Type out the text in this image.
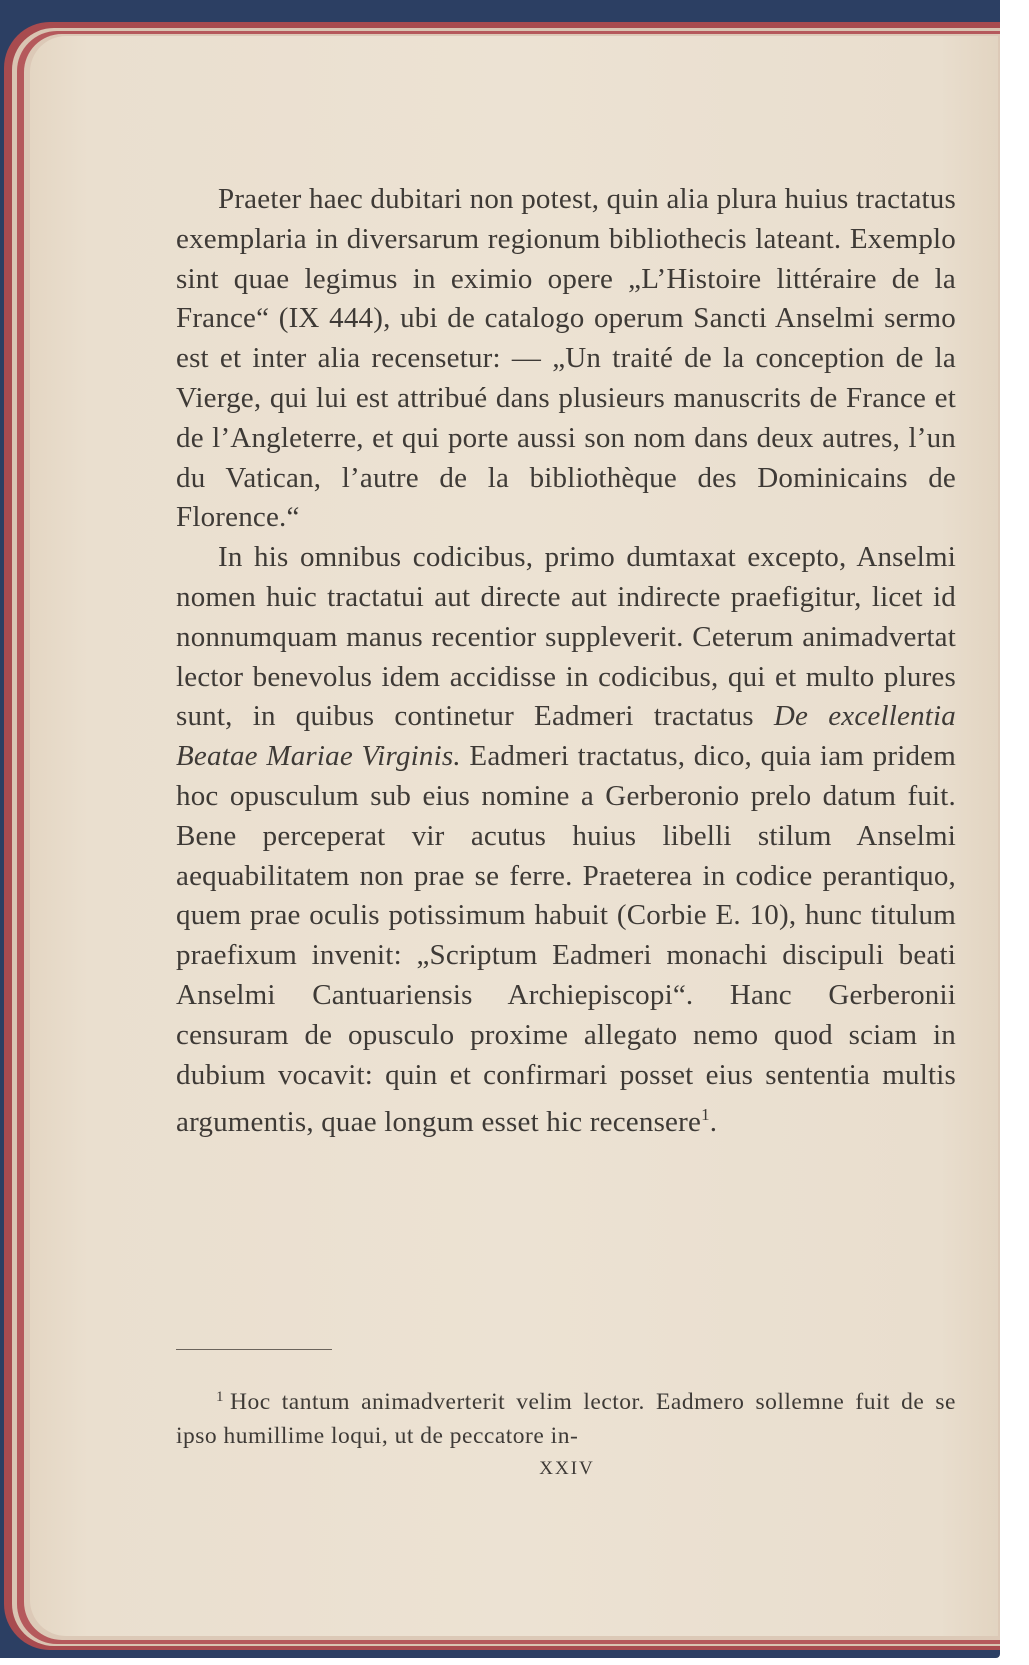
Praeter haec dubitari non potest, quin alia plura huius tractatus exemplaria in diversarum regionum bibliothecis lateant. Exemplo sint quae legimus in eximio opere „L’Histoire littéraire de la France“ (IX 444), ubi de catalogo operum Sancti Anselmi sermo est et inter alia recensetur: — „Un traité de la conception de la Vierge, qui lui est attribué dans plusieurs manuscrits de France et de l’Angleterre, et qui porte aussi son nom dans deux autres, l’un du Vatican, l’autre de la bibliothèque des Dominicains de Florence.“

In his omnibus codicibus, primo dumtaxat excepto, Anselmi nomen huic tractatui aut directe aut indirecte praefigitur, licet id nonnumquam manus recentior suppleverit. Ceterum animadvertat lector benevolus idem accidisse in codicibus, qui et multo plures sunt, in quibus continetur Eadmeri tractatus De excellentia Beatae Mariae Virginis. Eadmeri tractatus, dico, quia iam pridem hoc opusculum sub eius nomine a Gerberonio prelo datum fuit. Bene perceperat vir acutus huius libelli stilum Anselmi aequabilitatem non prae se ferre. Praeterea in codice perantiquo, quem prae oculis potissimum habuit (Corbie E. 10), hunc titulum praefixum invenit: „Scriptum Eadmeri monachi discipuli beati Anselmi Cantuariensis Archiepiscopi“. Hanc Gerberonii censuram de opusculo proxime allegato nemo quod sciam in dubium vocavit: quin et confirmari posset eius sententia multis argumentis, quae longum esset hic recensere$^1$.

$^1$ Hoc tantum animadverterit velim lector. Eadmero sollemne fuit de se ipso humillime loqui, ut de peccatore in-
XXIV
